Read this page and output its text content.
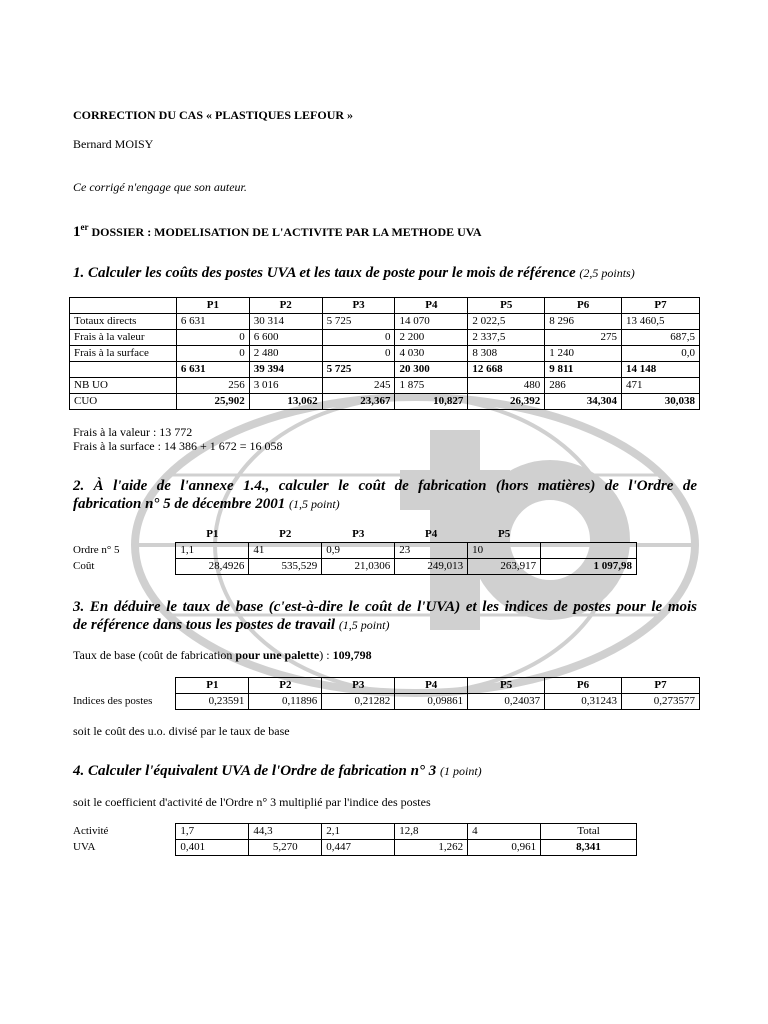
CORRECTION DU CAS « PLASTIQUES LEFOUR »
Bernard MOISY
Ce corrigé n'engage que son auteur.
1er DOSSIER : MODELISATION DE L'ACTIVITE PAR LA METHODE UVA
1. Calculer les coûts des postes UVA et les taux de poste pour le mois de référence (2,5 points)
	P1	P2	P3	P4	P5	P6	P7
Totaux directs	6 631	30 314	5 725	14 070	2 022,5	8 296	13 460,5
Frais à la valeur	0	6 600	0	2 200	2 337,5	275	687,5
Frais à la surface	0	2 480	0	4 030	8 308	1 240	0,0
	6 631	39 394	5 725	20 300	12 668	9 811	14 148
NB UO	256	3 016	245	1 875	480	286	471
CUO	25,902	13,062	23,367	10,827	26,392	34,304	30,038
Frais à la valeur : 13 772
Frais à la surface : 14 386 + 1 672 = 16 058
2. À l'aide de l'annexe 1.4., calculer le coût de fabrication (hors matières) de l'Ordre de
fabrication n° 5 de décembre 2001 (1,5 point)
	P1	P2	P3	P4	P5	
Ordre n° 5	1,1	41	0,9	23	10	
Coût	28,4926	535,529	21,0306	249,013	263,917	1 097,98
3. En déduire le taux de base (c'est-à-dire le coût de l'UVA) et les indices de postes pour le mois
de référence dans tous les postes de travail (1,5 point)
Taux de base (coût de fabrication pour une palette) : 109,798
	P1	P2	P3	P4	P5	P6	P7
Indices des postes	0,23591	0,11896	0,21282	0,09861	0,24037	0,31243	0,273577
soit le coût des u.o. divisé par le taux de base
4. Calculer l'équivalent UVA de l'Ordre de fabrication n° 3 (1 point)
soit le coefficient d'activité de l'Ordre n° 3 multiplié par l'indice des postes
Activité	1,7	44,3	2,1	12,8	4	Total
UVA	0,401	5,270	0,447	1,262	0,961	8,341
